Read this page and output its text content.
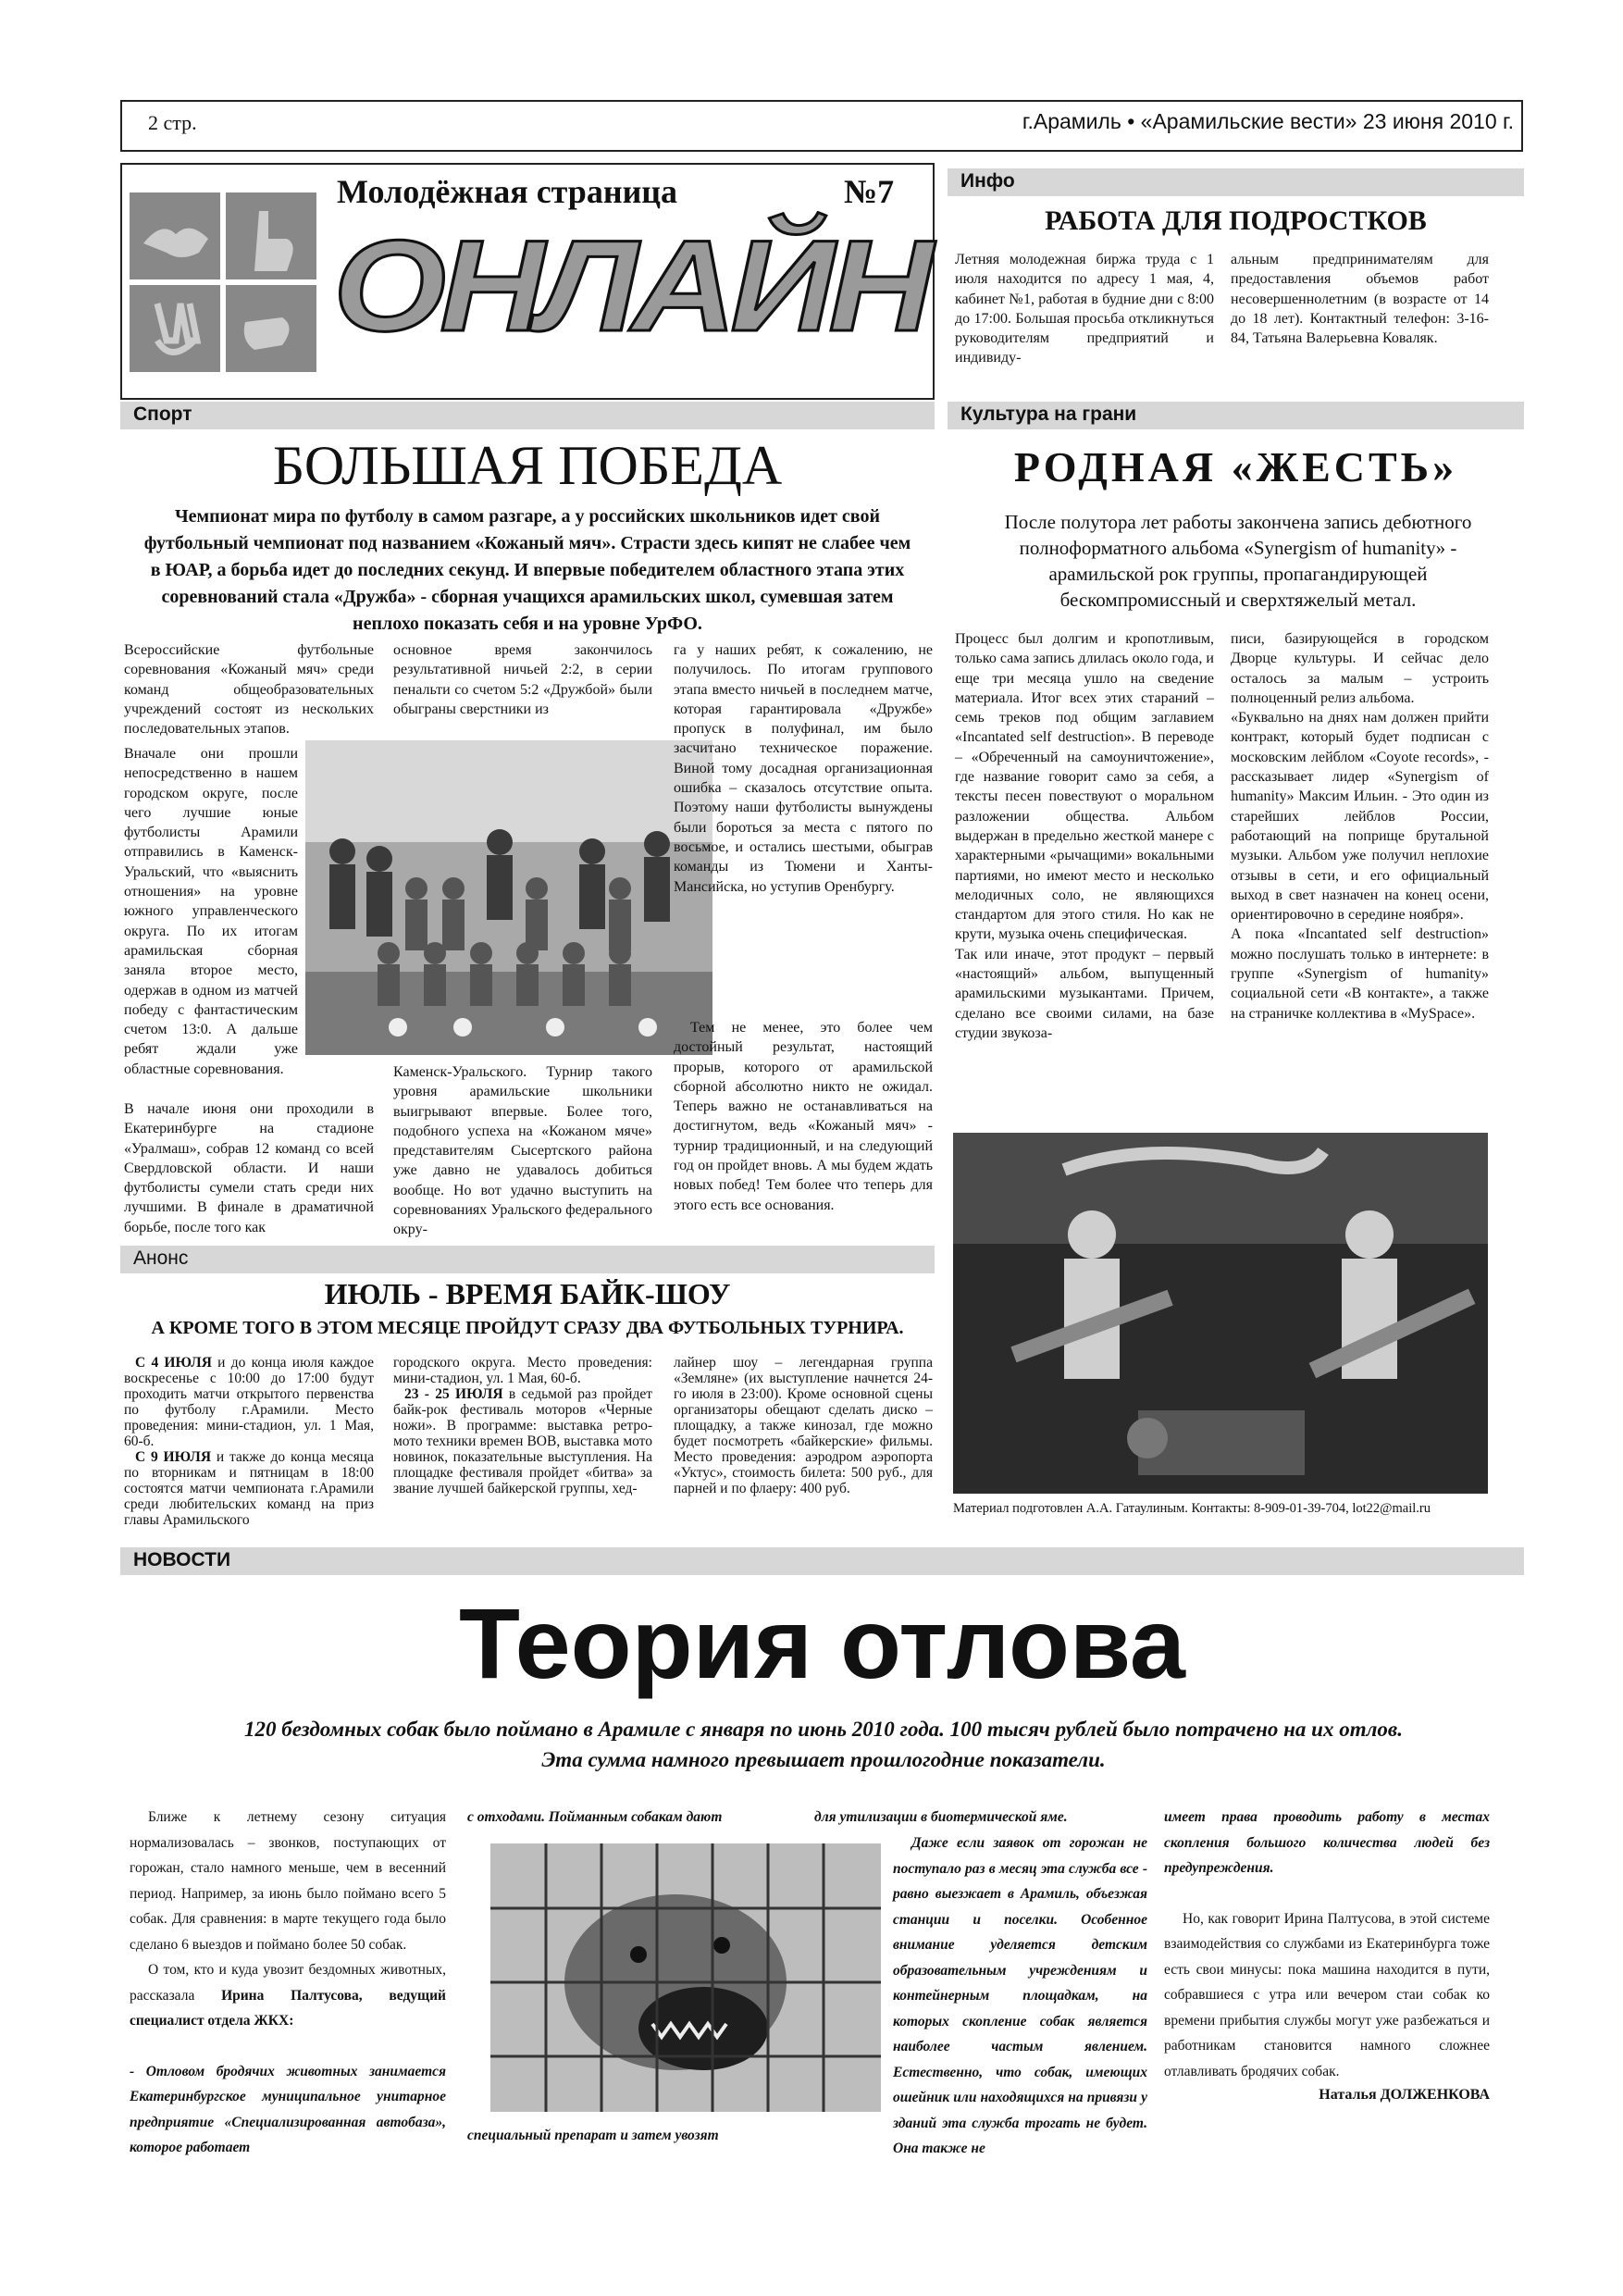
2 стр.	г.Арамиль • «Арамильские вести» 23 июня 2010 г.
Молодёжная страница	№7
ОНЛАЙН
Инфо
РАБОТА ДЛЯ ПОДРОСТКОВ

Летняя молодежная биржа труда с 1 июля находится по адресу 1 мая, 4, кабинет №1, работая в будние дни с 8:00 до 17:00. Большая просьба откликнуться руководителям предприятий и индивиду-

альным предпринимателям для предоставления объемов работ несовершеннолетним (в возрасте от 14 до 18 лет). Контактный телефон: 3-16-84, Татьяна Валерьевна Коваляк.

Спорт
БОЛЬШАЯ ПОБЕДА
Чемпионат мира по футболу в самом разгаре, а у российских школьников идет свой футбольный чемпионат под названием «Кожаный мяч». Страсти здесь кипят не слабее чем в ЮАР, а борьба идет до последних секунд. И впервые победителем областного этапа этих соревнований стала «Дружба» - сборная учащихся арамильских школ, сумевшая затем неплохо показать себя и на уровне УрФО.

Всероссийские футбольные соревнования «Кожаный мяч» среди команд общеобразовательных учреждений состоят из нескольких последовательных этапов.

Вначале они прошли непосредственно в нашем городском округе, после чего лучшие юные футболисты Арамили отправились в Каменск-Уральский, что «выяснить отношения» на уровне южного управленческого округа. По их итогам арамильская сборная заняла второе место, одержав в одном из матчей победу с фантастическим счетом 13:0. А дальше ребят ждали уже областные соревнования.

В начале июня они проходили в Екатеринбурге на стадионе «Уралмаш», собрав 12 команд со всей Свердловской области. И наши футболисты сумели стать среди них лучшими. В финале в драматичной борьбе, после того как

основное время закончилось результативной ничьей 2:2, в серии пенальти со счетом 5:2 «Дружбой» были обыграны сверстники из

Каменск-Уральского. Турнир такого уровня арамильские школьники выигрывают впервые. Более того, подобного успеха на «Кожаном мяче» представителям Сысертского района уже давно не удавалось добиться вообще. Но вот удачно выступить на соревнованиях Уральского федерального окру-

га у наших ребят, к сожалению, не получилось. По итогам группового этапа вместо ничьей в последнем матче, которая гарантировала «Дружбе» пропуск в полуфинал, им было засчитано техническое поражение. Виной тому досадная организационная ошибка – сказалось отсутствие опыта. Поэтому наши футболисты вынуждены были бороться за места с пятого по восьмое, и остались шестыми, обыграв команды из Тюмени и Ханты-Мансийска, но уступив Оренбургу.

Тем не менее, это более чем достойный результат, настоящий прорыв, которого от арамильской сборной абсолютно никто не ожидал. Теперь важно не останавливаться на достигнутом, ведь «Кожаный мяч» - турнир традиционный, и на следующий год он пройдет вновь. А мы будем ждать новых побед! Тем более что теперь для этого есть все основания.

Культура на грани
РОДНАЯ «ЖЕСТЬ»
После полутора лет работы закончена запись дебютного полноформатного альбома «Synergism of humanity» - арамильской рок группы, пропагандирующей бескомпромиссный и сверхтяжелый метал.

Процесс был долгим и кропотливым, только сама запись длилась около года, и еще три месяца ушло на сведение материала. Итог всех этих стараний – семь треков под общим заглавием «Incantated self destruction». В переводе – «Обреченный на самоуничтожение», где название говорит само за себя, а тексты песен повествуют о моральном разложении общества. Альбом выдержан в предельно жесткой манере с характерными «рычащими» вокальными партиями, но имеют место и несколько мелодичных соло, не являющихся стандартом для этого стиля. Но как не крути, музыка очень специфическая.

Так или иначе, этот продукт – первый «настоящий» альбом, выпущенный арамильскими музыкантами. Причем, сделано все своими силами, на базе студии звукоза-

писи, базирующейся в городском Дворце культуры. И сейчас дело осталось за малым – устроить полноценный релиз альбома.

«Буквально на днях нам должен прийти контракт, который будет подписан с московским лейблом «Coyote records», - рассказывает лидер «Synergism of humanity» Максим Ильин. - Это один из старейших лейблов России, работающий на поприще брутальной музыки. Альбом уже получил неплохие отзывы в сети, и его официальный выход в свет назначен на конец осени, ориентировочно в середине ноября».

А пока «Incantated self destruction» можно послушать только в интернете: в группе «Synergism of humanity» социальной сети «В контакте», а также на страничке коллектива в «MySpace».

Материал подготовлен А.А. Гатаулиным. Контакты: 8-909-01-39-704, lot22@mail.ru
Анонс
ИЮЛЬ - ВРЕМЯ БАЙК-ШОУ
А КРОМЕ ТОГО В ЭТОМ МЕСЯЦЕ ПРОЙДУТ СРАЗУ ДВА ФУТБОЛЬНЫХ ТУРНИРА.

С 4 ИЮЛЯ и до конца июля каждое воскресенье с 10:00 до 17:00 будут проходить матчи открытого первенства по футболу г.Арамили. Место проведения: мини-стадион, ул. 1 Мая, 60-б.

С 9 ИЮЛЯ и также до конца месяца по вторникам и пятницам в 18:00 состоятся матчи чемпионата г.Арамили среди любительских команд на приз главы Арамильского

городского округа. Место проведения: мини-стадион, ул. 1 Мая, 60-б.

23 - 25 ИЮЛЯ в седьмой раз пройдет байк-рок фестиваль моторов «Черные ножи». В программе: выставка ретро-мото техники времен ВОВ, выставка мото новинок, показательные выступления. На площадке фестиваля пройдет «битва» за звание лучшей байкерской группы, хед-

лайнер шоу – легендарная группа «Земляне» (их выступление начнется 24-го июля в 23:00). Кроме основной сцены организаторы обещают сделать диско – площадку, а также кинозал, где можно будет посмотреть «байкерские» фильмы. Место проведения: аэродром аэропорта «Уктус», стоимость билета: 500 руб., для парней и по флаеру: 400 руб.

НОВОСТИ
Теория отлова
120 бездомных собак было поймано в Арамиле с января по июнь 2010 года. 100 тысяч рублей было потрачено на их отлов. Эта сумма намного превышает прошлогодние показатели.

Ближе к летнему сезону ситуация нормализовалась – звонков, поступающих от горожан, стало намного меньше, чем в весенний период. Например, за июнь было поймано всего 5 собак. Для сравнения: в марте текущего года было сделано 6 выездов и поймано более 50 собак.

О том, кто и куда увозит бездомных животных, рассказала Ирина Палтусова, ведущий специалист отдела ЖКХ:

- Отловом бродячих животных занимается Екатеринбургское муниципальное унитарное предприятие «Специализированная автобаза», которое работает

с отходами. Пойманным собакам дают
специальный препарат и затем увозят
для утилизации в биотермической яме.

Даже если заявок от горожан не поступало раз в месяц эта служба все - равно выезжает в Арамиль, объезжая станции и поселки. Особенное внимание уделяется детским образовательным учреждениям и контейнерным площадкам, на которых скопление собак является наиболее частым явлением. Естественно, что собак, имеющих ошейник или находящихся на привязи у зданий эта служба трогать не будет. Она также не

имеет права проводить работу в местах скопления большого количества людей без предупреждения.

Но, как говорит Ирина Палтусова, в этой системе взаимодействия со службами из Екатеринбурга тоже есть свои минусы: пока машина находится в пути, собравшиеся с утра или вечером стаи собак ко времени прибытия службы могут уже разбежаться и работникам становится намного сложнее отлавливать бродячих собак.

Наталья ДОЛЖЕНКОВА
